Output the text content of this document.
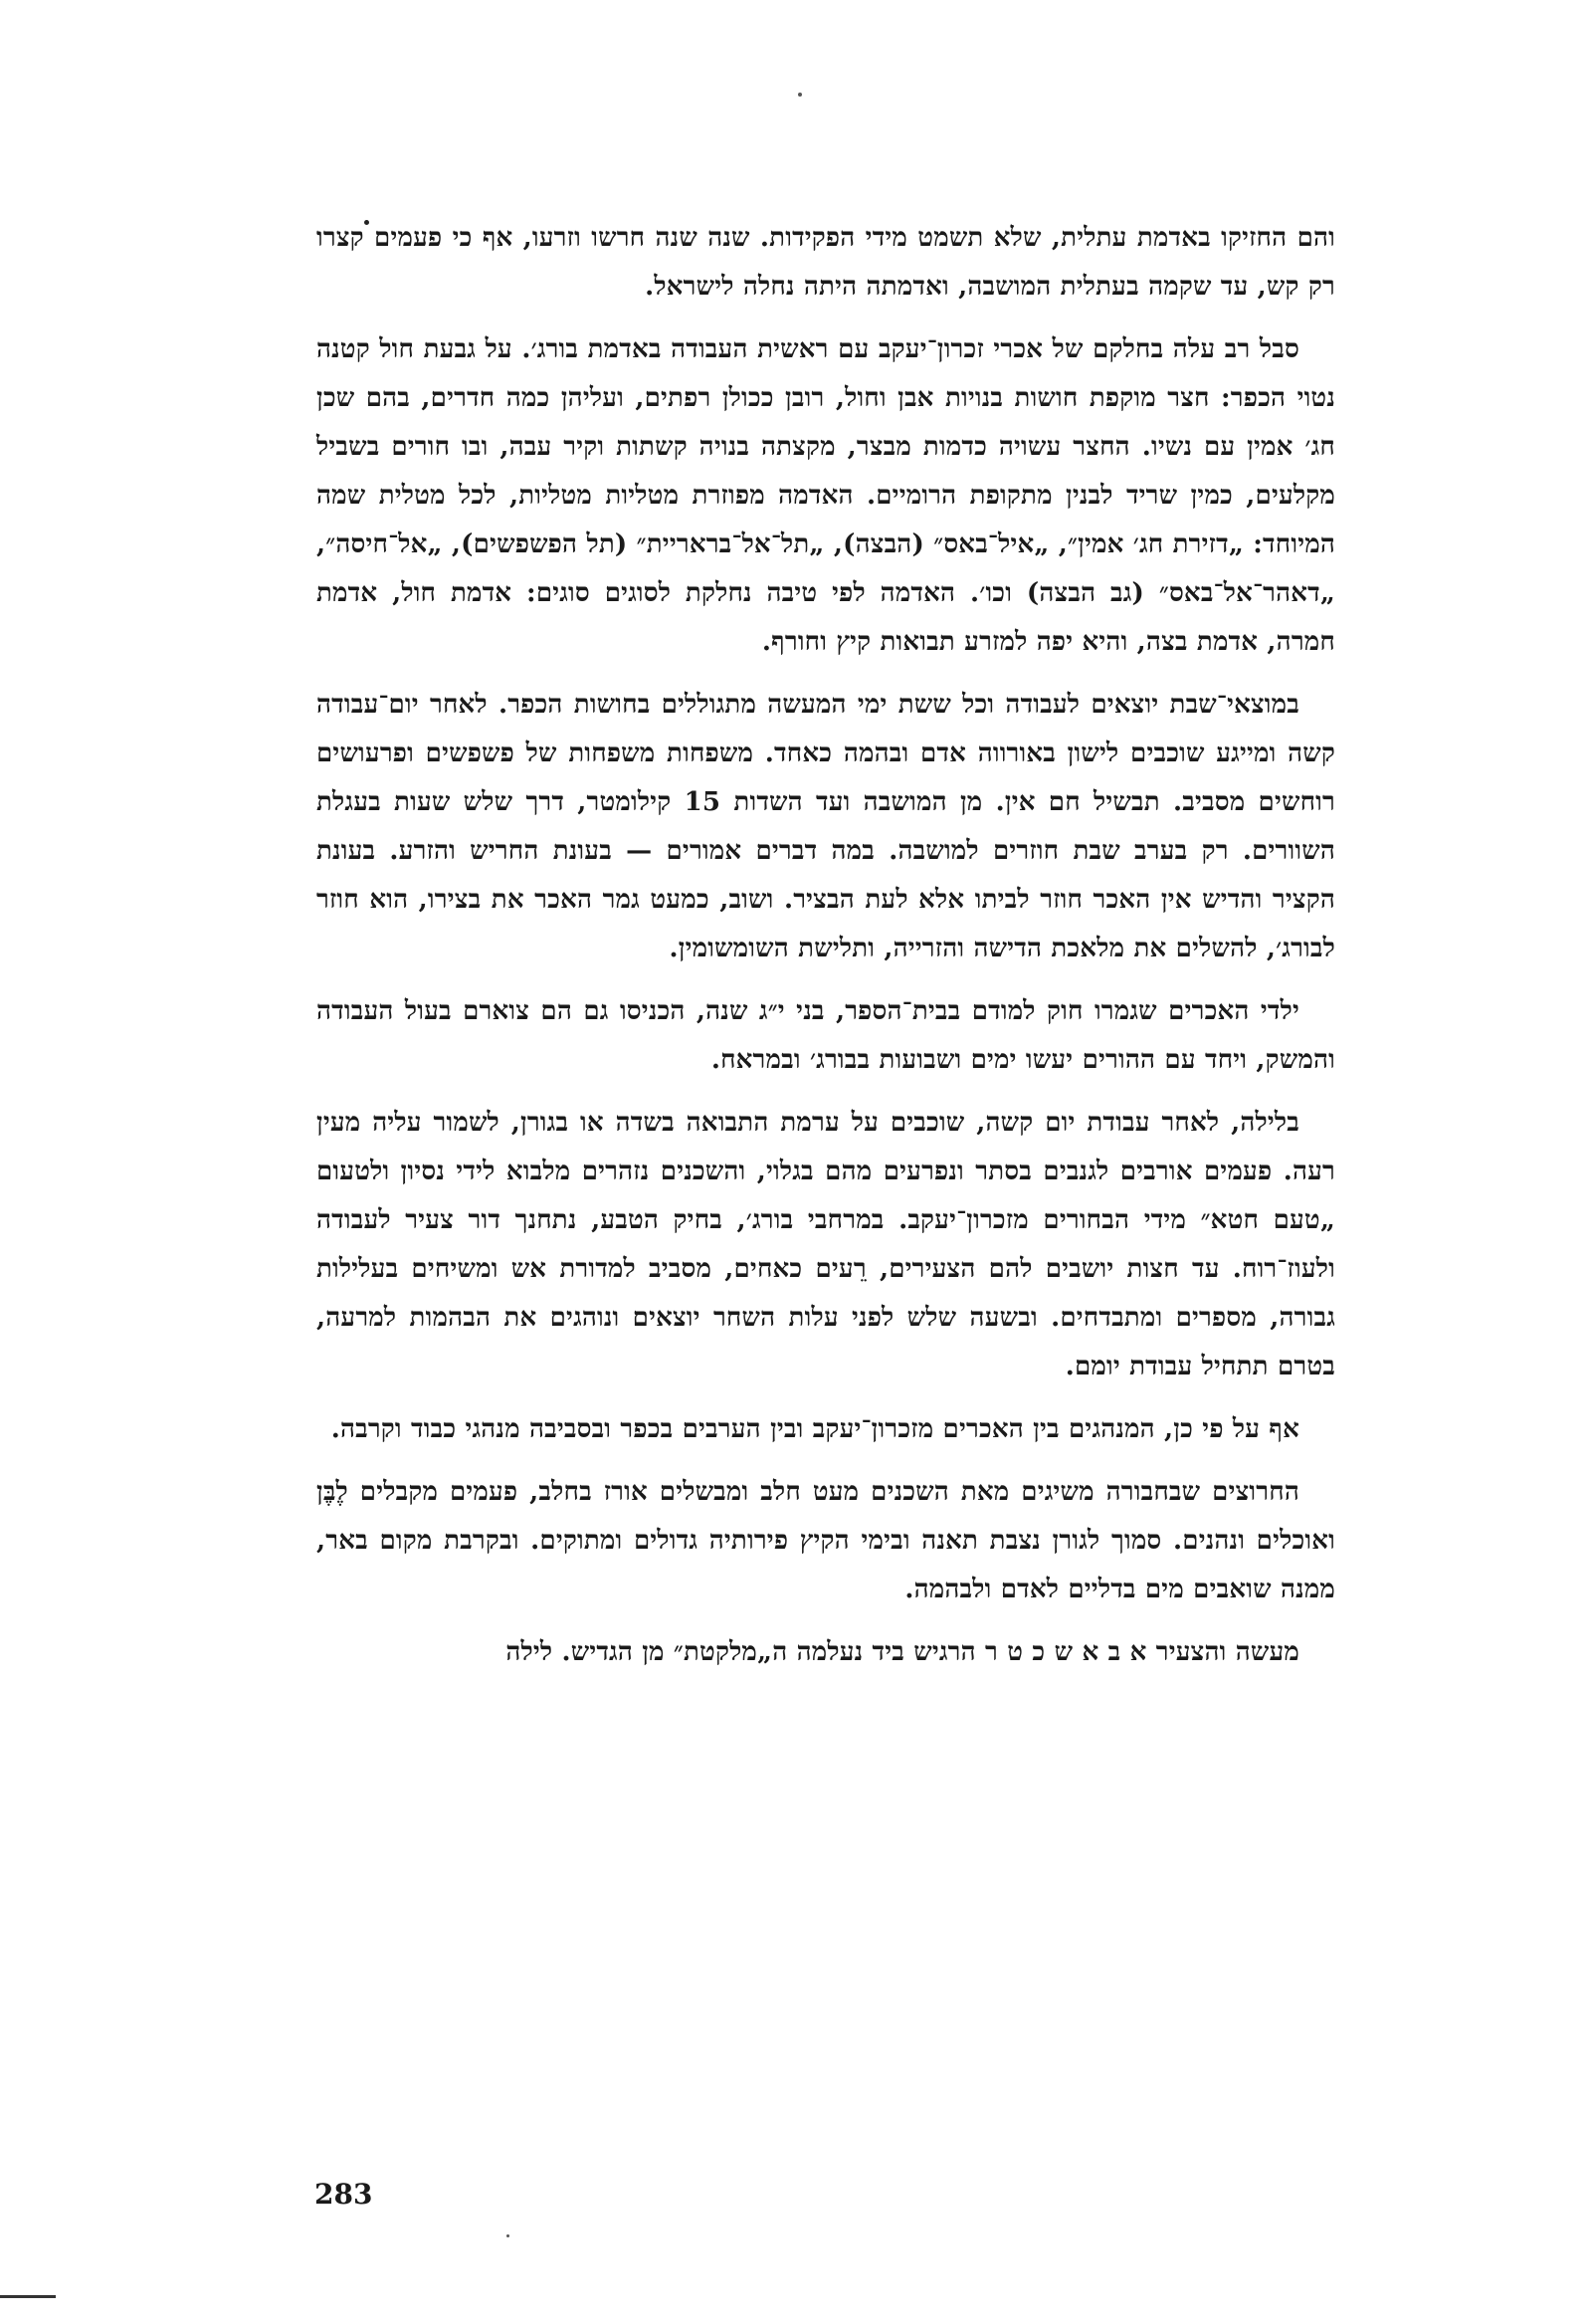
והם החזיקו באדמת עתלית, שלא תשמט מידי הפקידות. שנה שנה חרשו וזרעו, אף כי פעמים קצרו רק קש, עד שקמה בעתלית המושבה, ואדמתה היתה נחלה לישראל.

סבל רב עלה בחלקם של אכרי זכרון־יעקב עם ראשית העבודה באדמת בורג׳. על גבעת חול קטנה נטוי הכפר: חצר מוקפת חושות בנויות אבן וחול, רובן ככולן רפתים, ועליהן כמה חדרים, בהם שכן חג׳ אמין עם נשיו. החצר עשויה כדמות מבצר, מקצתה בנויה קשתות וקיר עבה, ובו חורים בשביל מקלעים, כמין שריד לבנין מתקופת הרומיים. האדמה מפוזרת מטליות מטליות, לכל מטלית שמה המיוחד: „דזירת חג׳ אמין״, „איל־באס״ (הבצה), „תל־אל־בראריית״ (תל הפשפשים), „אל־חיסה״, „דאהר־אל־באס״ (גב הבצה) וכו׳. האדמה לפי טיבה נחלקת לסוגים סוגים: אדמת חול, אדמת חמרה, אדמת בצה, והיא יפה למזרע תבואות קיץ וחורף.

במוצאי־שבת יוצאים לעבודה וכל ששת ימי המעשה מתגוללים בחושות הכפר. לאחר יום־עבודה קשה ומייגע שוכבים לישון באורווה אדם ובהמה כאחד. משפחות משפחות של פשפשים ופרעושים רוחשים מסביב. תבשיל חם אין. מן המושבה ועד השדות 15 קילומטר, דרך שלש שעות בעגלת השוורים. רק בערב שבת חוזרים למושבה. במה דברים אמורים — בעונת החריש והזרע. בעונת הקציר והדיש אין האכר חוזר לביתו אלא לעת הבציר. ושוב, כמעט גמר האכר את בצירו, הוא חוזר לבורג׳, להשלים את מלאכת הדישה והזרייה, ותלישת השומשומין.

ילדי האכרים שגמרו חוק למודם בבית־הספר, בני י״ג שנה, הכניסו גם הם צוארם בעול העבודה והמשק, ויחד עם ההורים יעשו ימים ושבועות בבורג׳ ובמראח.

בלילה, לאחר עבודת יום קשה, שוכבים על ערמת התבואה בשדה או בגורן, לשמור עליה מעין רעה. פעמים אורבים לגנבים בסתר ונפרעים מהם בגלוי, והשכנים נזהרים מלבוא לידי נסיון ולטעום „טעם חטא״ מידי הבחורים מזכרון־יעקב. במרחבי בורג׳, בחיק הטבע, נתחנך דור צעיר לעבודה ולעוז־רוח. עד חצות יושבים להם הצעירים, רֵעים כאחים, מסביב למדורת אש ומשיחים בעלילות גבורה, מספרים ומתבדחים. ובשעה שלש לפני עלות השחר יוצאים ונוהגים את הבהמות למרעה, בטרם תתחיל עבודת יומם.

אף על פי כן, המנהגים בין האכרים מזכרון־יעקב ובין הערבים בכפר ובסביבה מנהגי כבוד וקרבה.

החרוצים שבחבורה משיגים מאת השכנים מעט חלב ומבשלים אורז בחלב, פעמים מקבלים לֶבֶּן ואוכלים ונהנים. סמוך לגורן נצבת תאנה ובימי הקיץ פירותיה גדולים ומתוקים. ובקרבת מקום באר, ממנה שואבים מים בדליים לאדם ולבהמה.

מעשה והצעיר א ב א ש כ ט ר הרגיש ביד נעלמה ה„מלקטת״ מן הגדיש. לילה

283
